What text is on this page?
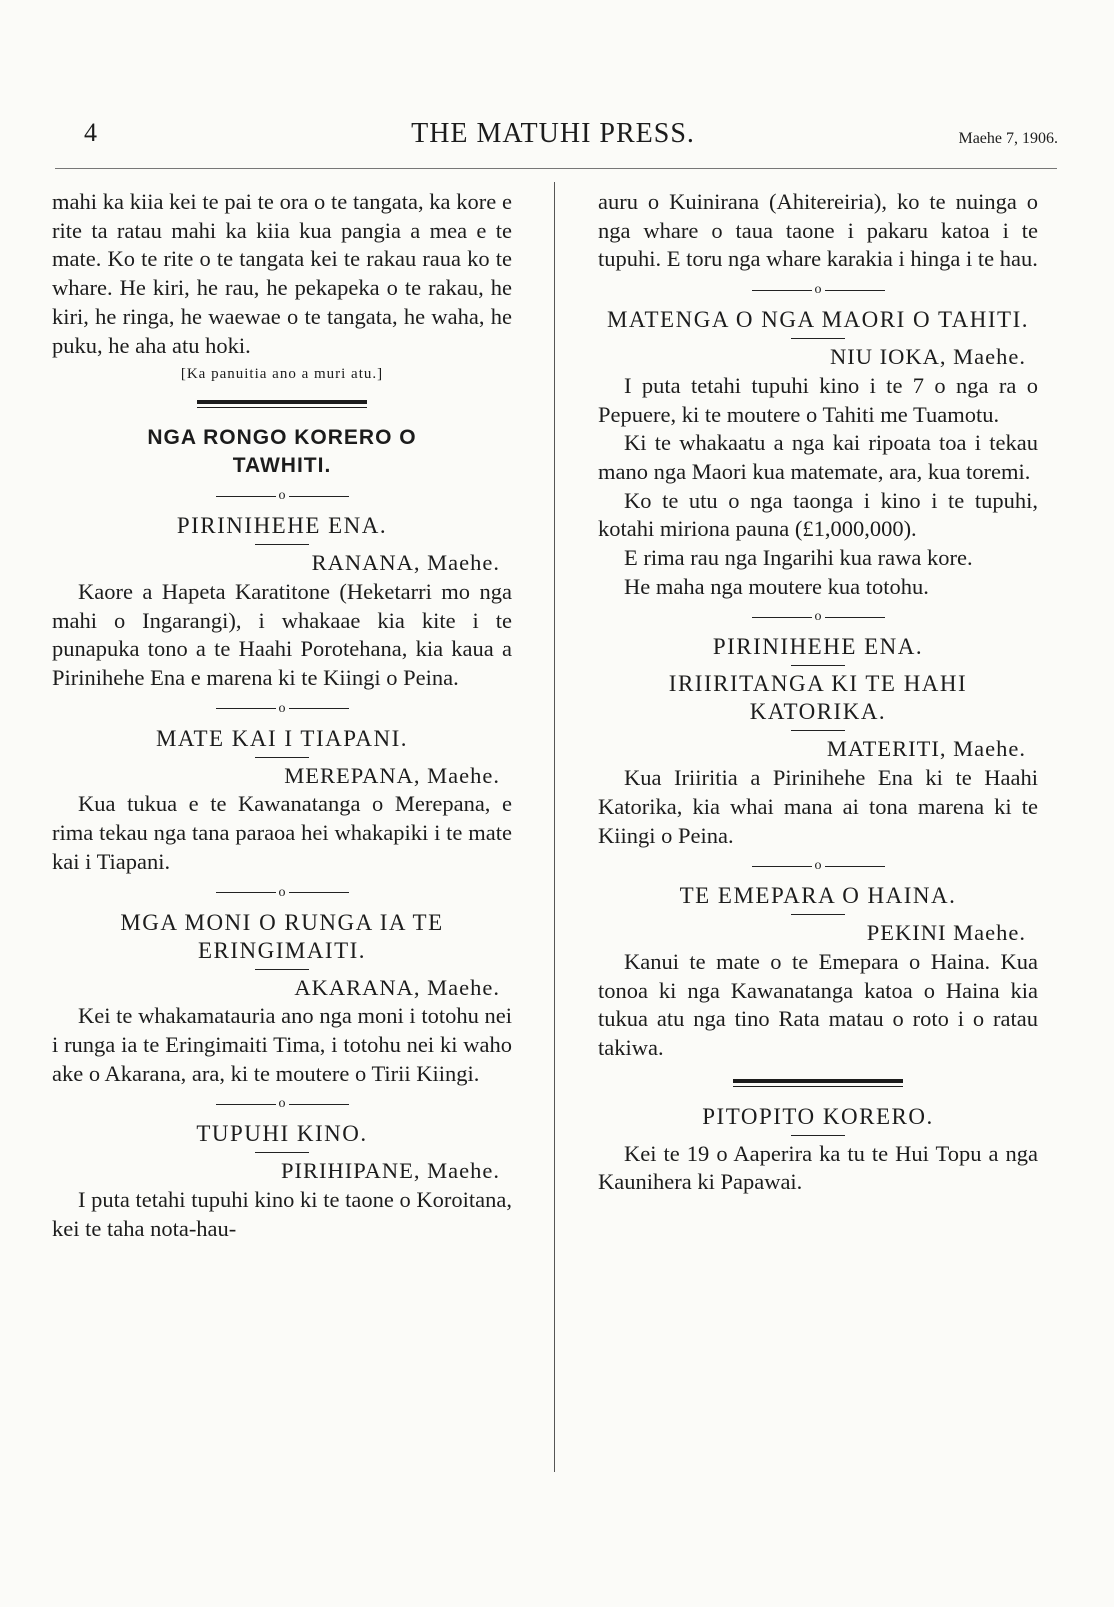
4	THE MATUHI PRESS.	Maehe 7, 1906.

mahi ka kiia kei te pai te ora o te tangata, ka kore e rite ta ratau mahi ka kiia kua pangia a mea e te mate. Ko te rite o te tangata kei te rakau raua ko te whare. He kiri, he rau, he pekapeka o te rakau, he kiri, he ringa, he waewae o te tangata, he waha, he puku, he aha atu hoki.

[Ka panuitia ano a muri atu.]
NGA RONGO KORERO O
TAWHITI.
o
PIRINIHEHE ENA.
RANANA, Maehe.

Kaore a Hapeta Karatitone (Heketarri mo nga mahi o Ingarangi), i whakaae kia kite i te punapuka tono a te Haahi Porotehana, kia kaua a Pirinihehe Ena e marena ki te Kiingi o Peina.

o
MATE KAI I TIAPANI.
MEREPANA, Maehe.

Kua tukua e te Kawanatanga o Merepana, e rima tekau nga tana paraoa hei whakapiki i te mate kai i Tiapani.

o
MGA MONI O RUNGA IA TE ERINGIMAITI.
AKARANA, Maehe.

Kei te whakamatauria ano nga moni i totohu nei i runga ia te Eringimaiti Tima, i totohu nei ki waho ake o Akarana, ara, ki te moutere o Tirii Kiingi.

o
TUPUHI KINO.
PIRIHIPANE, Maehe.

I puta tetahi tupuhi kino ki te taone o Koroitana, kei te taha nota-hau-

auru o Kuinirana (Ahitereiria), ko te nuinga o nga whare o taua taone i pakaru katoa i te tupuhi. E toru nga whare karakia i hinga i te hau.

o
MATENGA O NGA MAORI O TAHITI.
NIU IOKA, Maehe.

I puta tetahi tupuhi kino i te 7 o nga ra o Pepuere, ki te moutere o Tahiti me Tuamotu.

Ki te whakaatu a nga kai ripoata toa i tekau mano nga Maori kua matemate, ara, kua toremi.

Ko te utu o nga taonga i kino i te tupuhi, kotahi miriona pauna (£1,000,000).

E rima rau nga Ingarihi kua rawa kore.

He maha nga moutere kua totohu.

o
PIRINIHEHE ENA.
IRIIRITANGA KI TE HAHI KATORIKA.
MATERITI, Maehe.

Kua Iriiritia a Pirinihehe Ena ki te Haahi Katorika, kia whai mana ai tona marena ki te Kiingi o Peina.

o
TE EMEPARA O HAINA.
PEKINI Maehe.

Kanui te mate o te Emepara o Haina. Kua tonoa ki nga Kawanatanga katoa o Haina kia tukua atu nga tino Rata matau o roto i o ratau takiwa.

PITOPITO KORERO.

Kei te 19 o Aaperira ka tu te Hui Topu a nga Kaunihera ki Papawai.
